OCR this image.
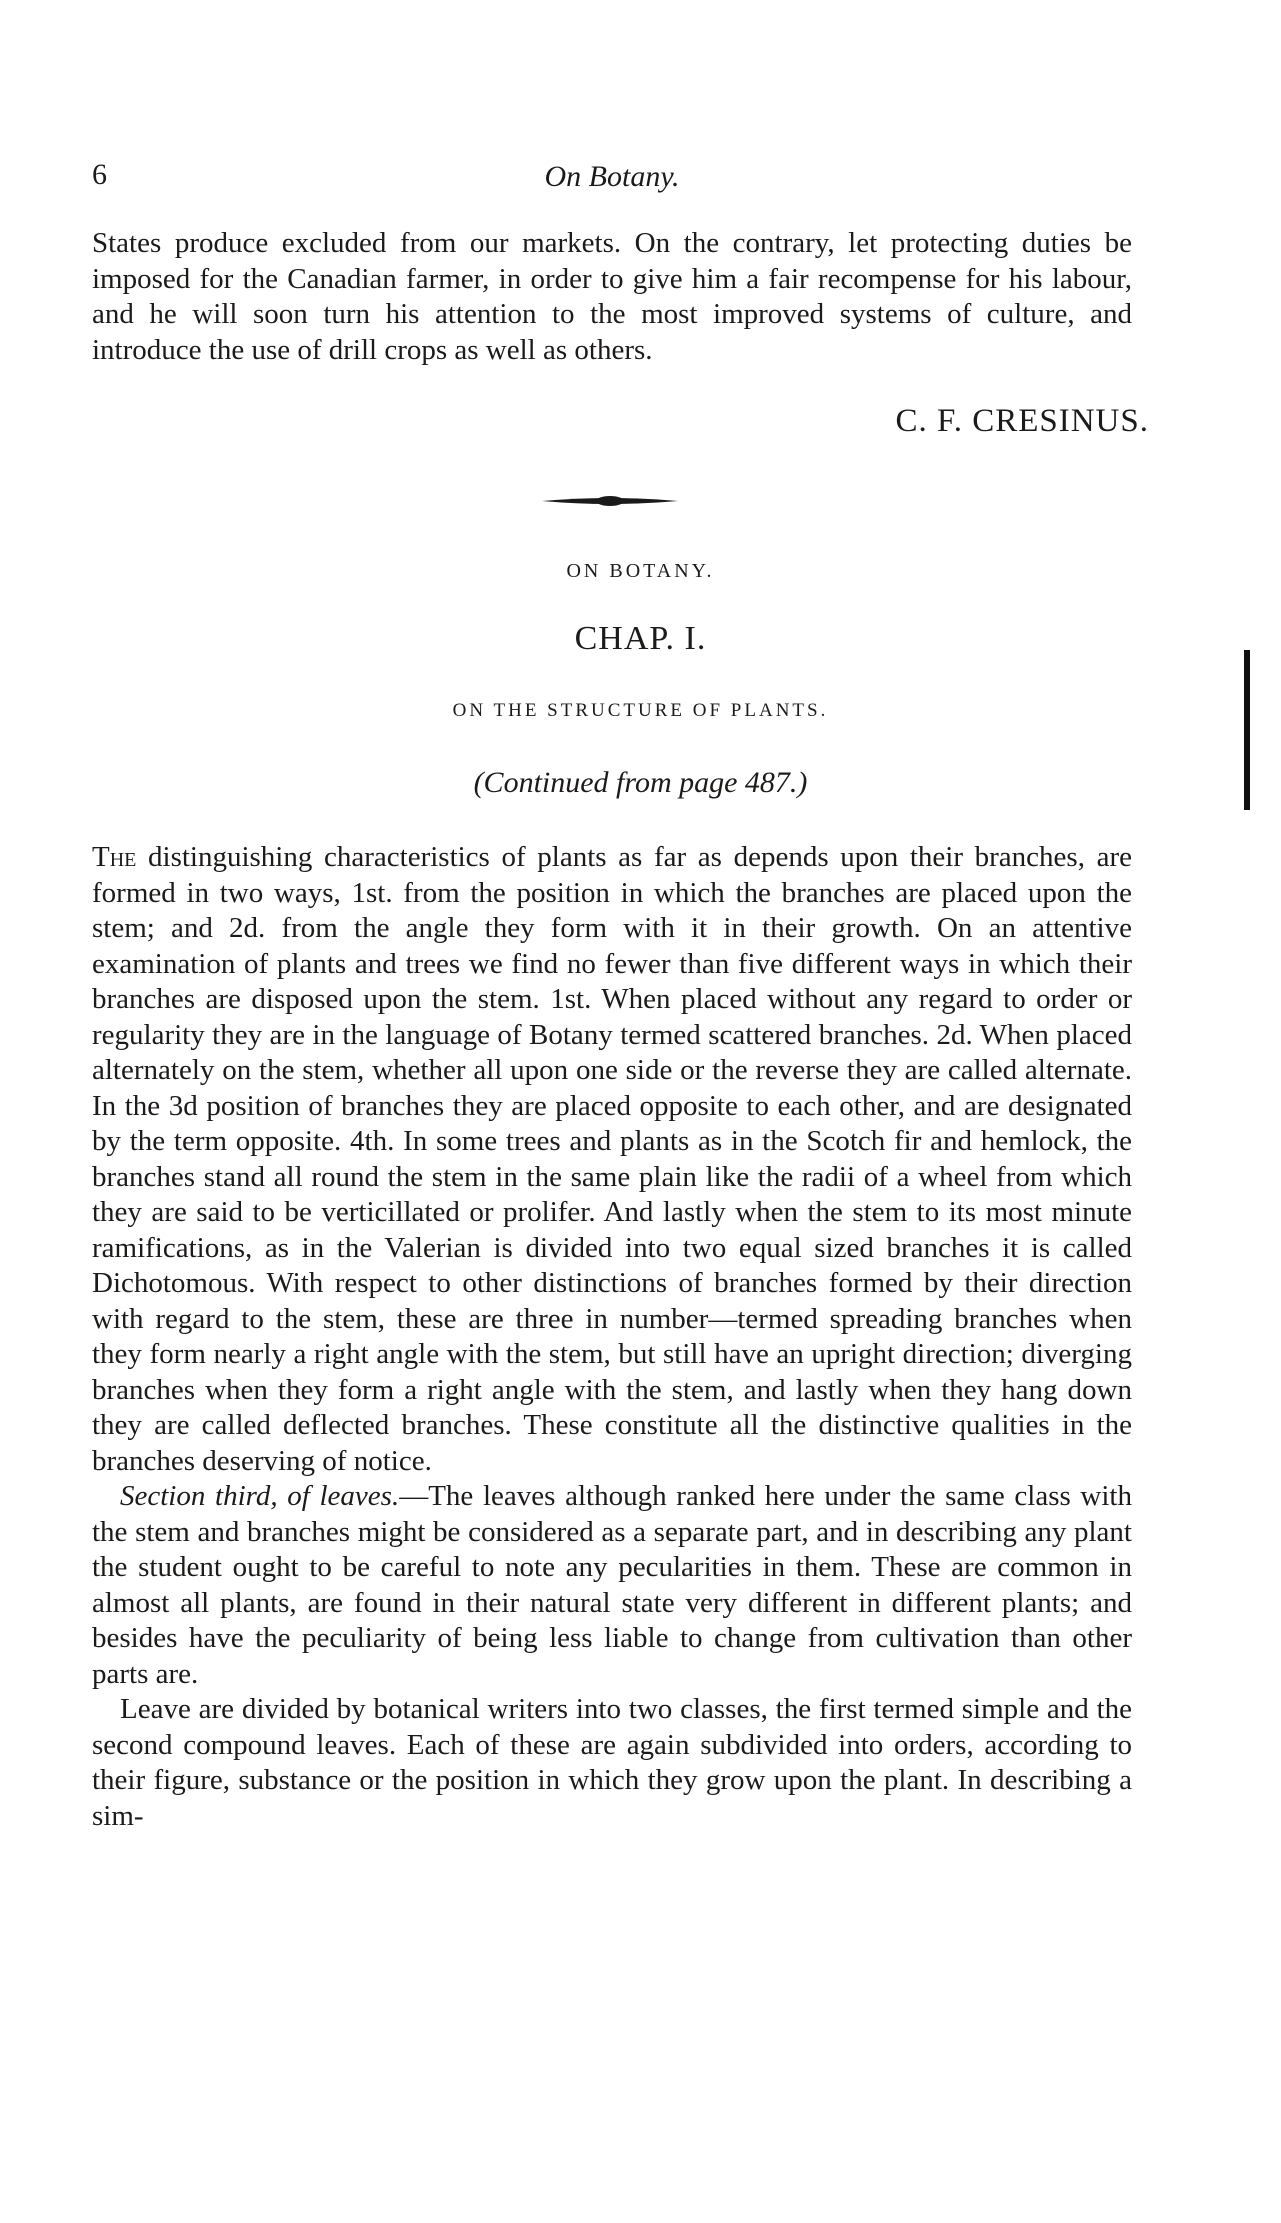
6	On Botany.

States produce excluded from our markets. On the contrary, let protecting duties be imposed for the Canadian farmer, in order to give him a fair recompense for his labour, and he will soon turn his attention to the most improved systems of culture, and introduce the use of drill crops as well as others.

C. F. CRESINUS.
ON BOTANY.
CHAP. I.
ON THE STRUCTURE OF PLANTS.
(Continued from page 487.)

The distinguishing characteristics of plants as far as depends upon their branches, are formed in two ways, 1st. from the position in which the branches are placed upon the stem; and 2d. from the angle they form with it in their growth. On an attentive examination of plants and trees we find no fewer than five different ways in which their branches are disposed upon the stem. 1st. When placed without any regard to order or regularity they are in the language of Botany termed scattered branches. 2d. When placed alternately on the stem, whether all upon one side or the reverse they are called alternate. In the 3d position of branches they are placed opposite to each other, and are designated by the term opposite. 4th. In some trees and plants as in the Scotch fir and hemlock, the branches stand all round the stem in the same plain like the radii of a wheel from which they are said to be verticillated or prolifer. And lastly when the stem to its most minute ramifications, as in the Valerian is divided into two equal sized branches it is called Dichotomous. With respect to other distinctions of branches formed by their direction with regard to the stem, these are three in number—termed spreading branches when they form nearly a right angle with the stem, but still have an upright direction; diverging branches when they form a right angle with the stem, and lastly when they hang down they are called deflected branches. These constitute all the distinctive qualities in the branches deserving of notice.

Section third, of leaves.—The leaves although ranked here under the same class with the stem and branches might be considered as a separate part, and in describing any plant the student ought to be careful to note any pecularities in them. These are common in almost all plants, are found in their natural state very different in different plants; and besides have the peculiarity of being less liable to change from cultivation than other parts are.

Leave are divided by botanical writers into two classes, the first termed simple and the second compound leaves. Each of these are again subdivided into orders, according to their figure, substance or the position in which they grow upon the plant. In describing a sim-
